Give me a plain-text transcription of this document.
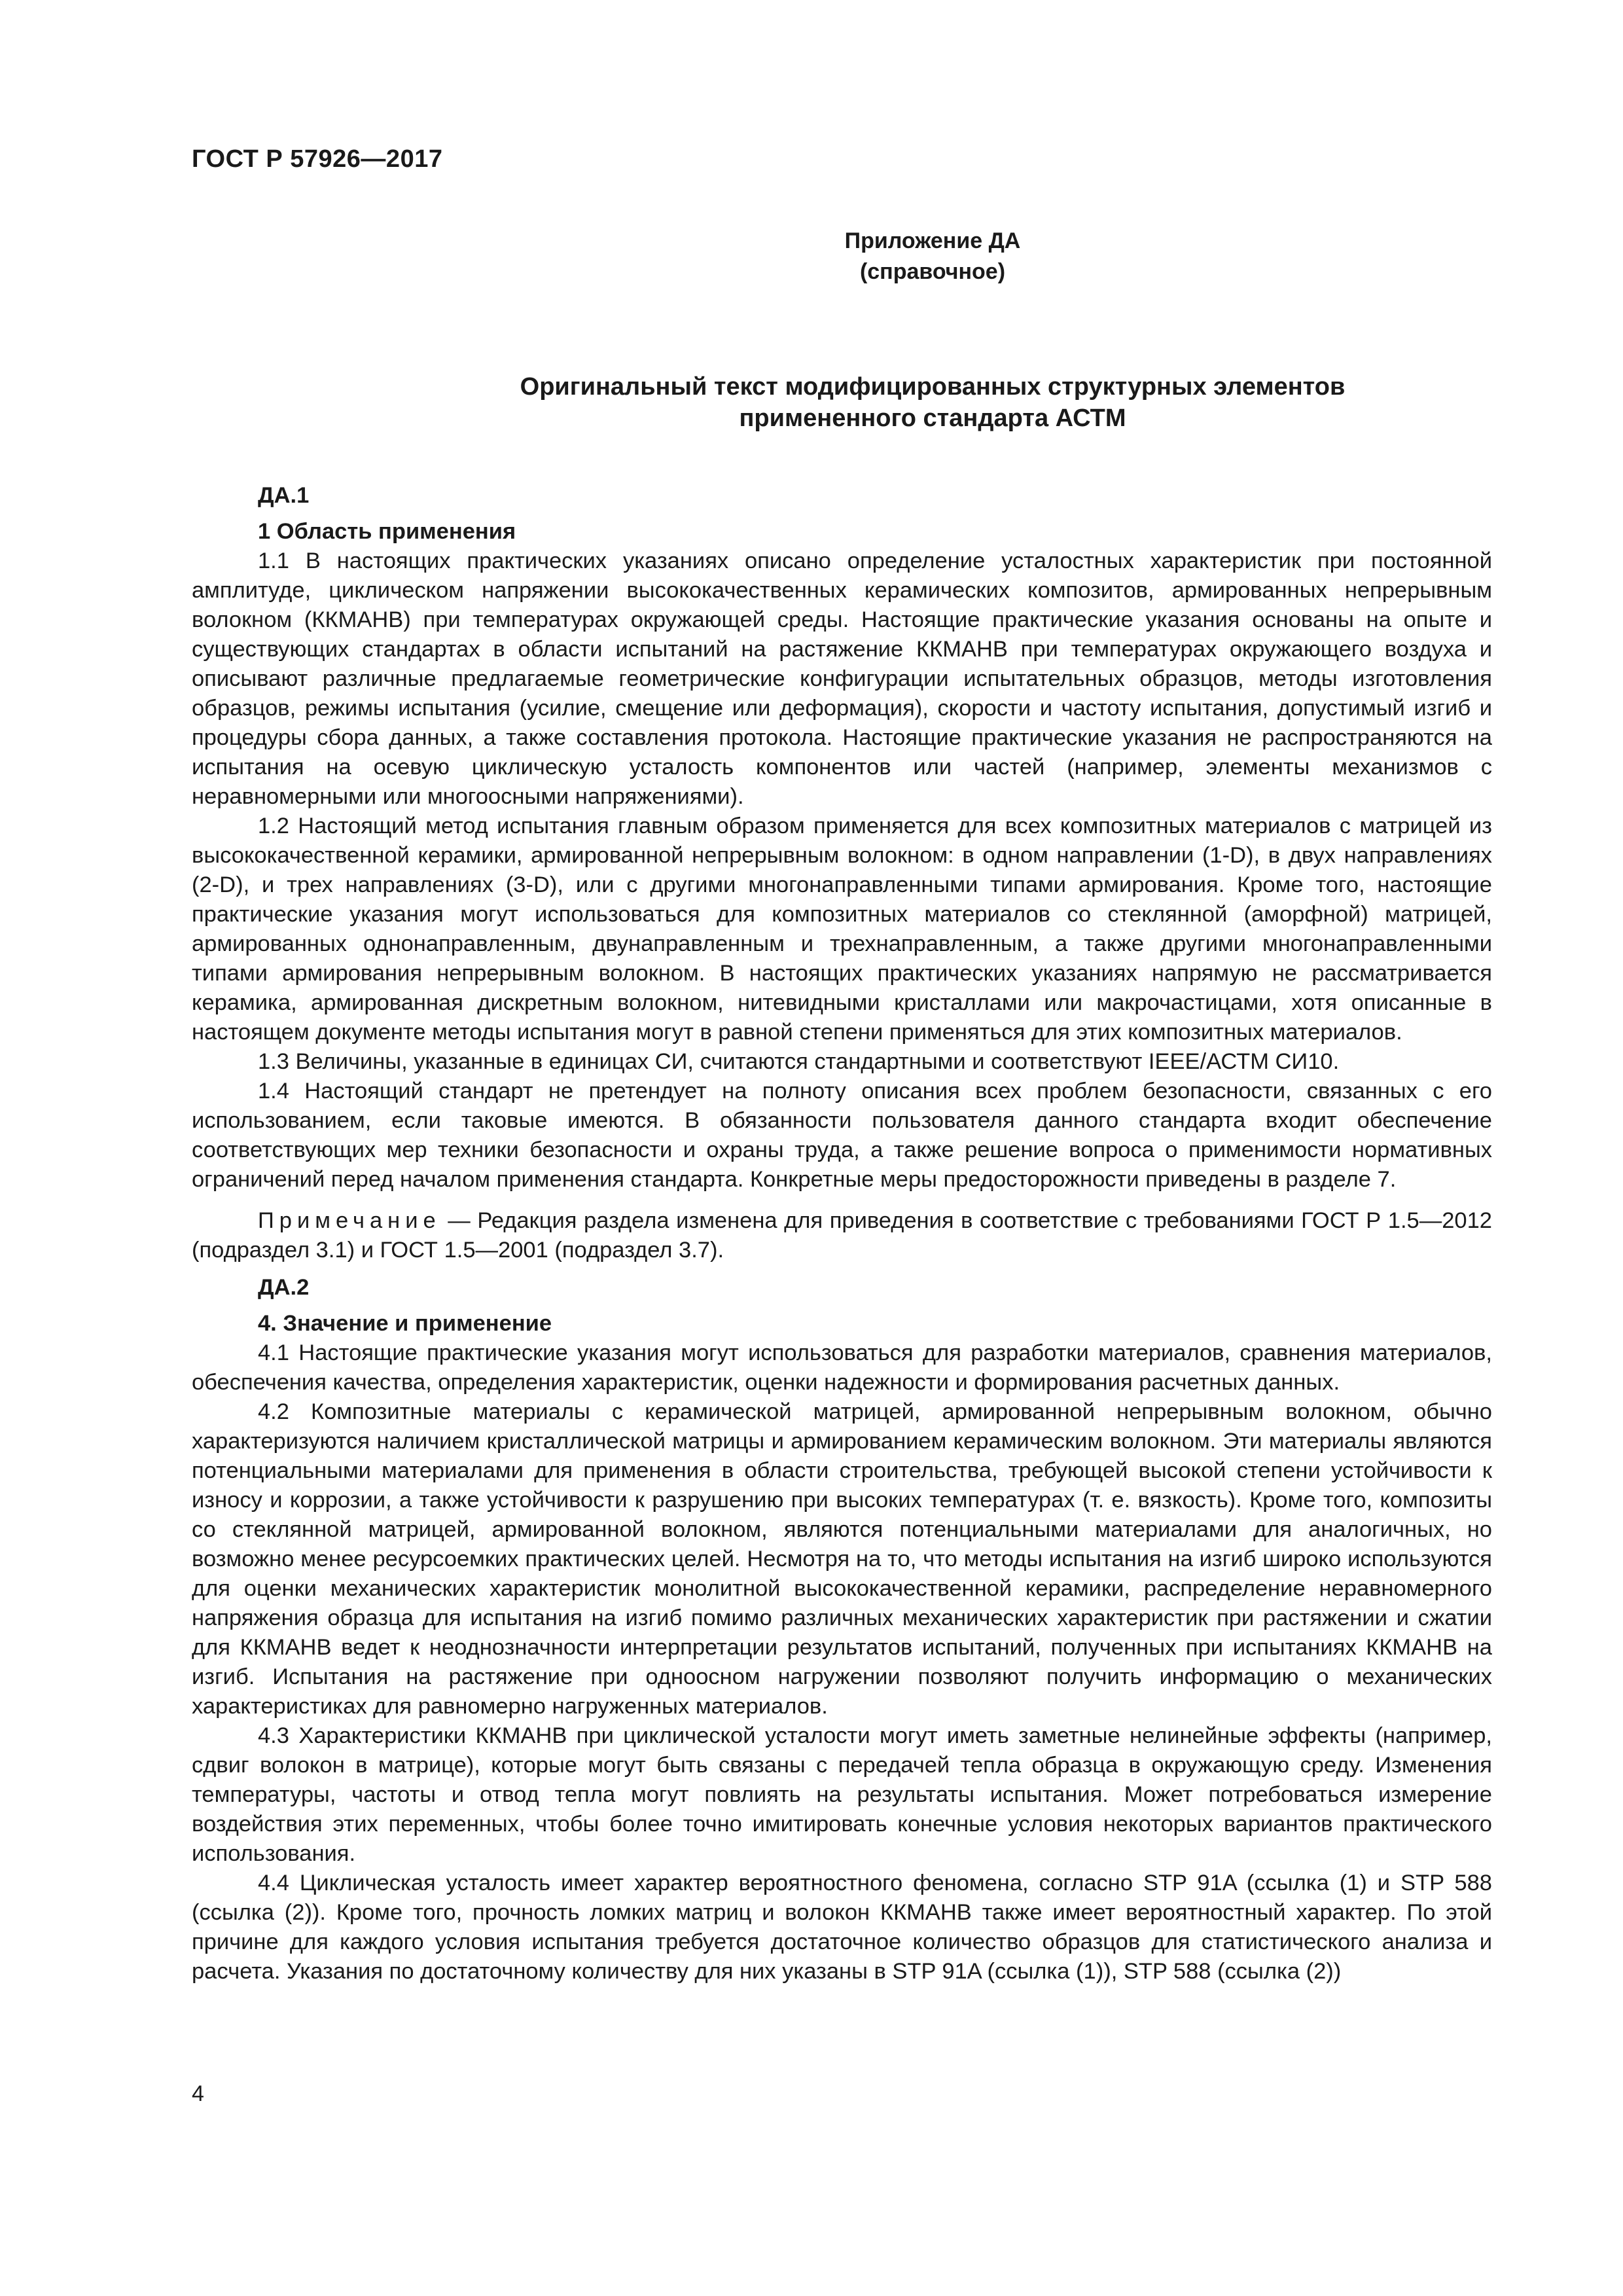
ГОСТ Р 57926—2017
Приложение ДА
(справочное)
Оригинальный текст модифицированных структурных элементов
примененного стандарта АСТМ
ДА.1
1 Область применения

1.1 В настоящих практических указаниях описано определение усталостных характеристик при постоянной амплитуде, циклическом напряжении высококачественных керамических композитов, армированных непрерывным волокном (ККМАНВ) при температурах окружающей среды. Настоящие практические указания основаны на опыте и существующих стандартах в области испытаний на растяжение ККМАНВ при температурах окружающего воздуха и описывают различные предлагаемые геометрические конфигурации испытательных образцов, методы изготовления образцов, режимы испытания (усилие, смещение или деформация), скорости и частоту испытания, допустимый изгиб и процедуры сбора данных, а также составления протокола. Настоящие практические указания не распространяются на испытания на осевую циклическую усталость компонентов или частей (например, элементы механизмов с неравномерными или многоосными напряжениями).

1.2 Настоящий метод испытания главным образом применяется для всех композитных материалов с матрицей из высококачественной керамики, армированной непрерывным волокном: в одном направлении (1-D), в двух направлениях (2-D), и трех направлениях (3-D), или с другими многонаправленными типами армирования. Кроме того, настоящие практические указания могут использоваться для композитных материалов со стеклянной (аморфной) матрицей, армированных однонаправленным, двунаправленным и трехнаправленным, а также другими многонаправленными типами армирования непрерывным волокном. В настоящих практических указаниях напрямую не рассматривается керамика, армированная дискретным волокном, нитевидными кристаллами или макрочастицами, хотя описанные в настоящем документе методы испытания могут в равной степени применяться для этих композитных материалов.

1.3 Величины, указанные в единицах СИ, считаются стандартными и соответствуют IEEE/АСТМ СИ10.

1.4 Настоящий стандарт не претендует на полноту описания всех проблем безопасности, связанных с его использованием, если таковые имеются. В обязанности пользователя данного стандарта входит обеспечение соответствующих мер техники безопасности и охраны труда, а также решение вопроса о применимости нормативных ограничений перед началом применения стандарта. Конкретные меры предосторожности приведены в разделе 7.

Примечание — Редакция раздела изменена для приведения в соответствие с требованиями ГОСТ Р 1.5—2012 (подраздел 3.1) и ГОСТ 1.5—2001 (подраздел 3.7).

ДА.2
4. Значение и применение

4.1 Настоящие практические указания могут использоваться для разработки материалов, сравнения материалов, обеспечения качества, определения характеристик, оценки надежности и формирования расчетных данных.

4.2 Композитные материалы с керамической матрицей, армированной непрерывным волокном, обычно характеризуются наличием кристаллической матрицы и армированием керамическим волокном. Эти материалы являются потенциальными материалами для применения в области строительства, требующей высокой степени устойчивости к износу и коррозии, а также устойчивости к разрушению при высоких температурах (т. е. вязкость). Кроме того, композиты со стеклянной матрицей, армированной волокном, являются потенциальными материалами для аналогичных, но возможно менее ресурсоемких практических целей. Несмотря на то, что методы испытания на изгиб широко используются для оценки механических характеристик монолитной высококачественной керамики, распределение неравномерного напряжения образца для испытания на изгиб помимо различных механических характеристик при растяжении и сжатии для ККМАНВ ведет к неоднозначности интерпретации результатов испытаний, полученных при испытаниях ККМАНВ на изгиб. Испытания на растяжение при одноосном нагружении позволяют получить информацию о механических характеристиках для равномерно нагруженных материалов.

4.3 Характеристики ККМАНВ при циклической усталости могут иметь заметные нелинейные эффекты (например, сдвиг волокон в матрице), которые могут быть связаны с передачей тепла образца в окружающую среду. Изменения температуры, частоты и отвод тепла могут повлиять на результаты испытания. Может потребоваться измерение воздействия этих переменных, чтобы более точно имитировать конечные условия некоторых вариантов практического использования.

4.4 Циклическая усталость имеет характер вероятностного феномена, согласно STP 91A (ссылка (1) и STP 588 (ссылка (2)). Кроме того, прочность ломких матриц и волокон ККМАНВ также имеет вероятностный характер. По этой причине для каждого условия испытания требуется достаточное количество образцов для статистического анализа и расчета. Указания по достаточному количеству для них указаны в STP 91A (ссылка (1)), STP 588 (ссылка (2))

4
